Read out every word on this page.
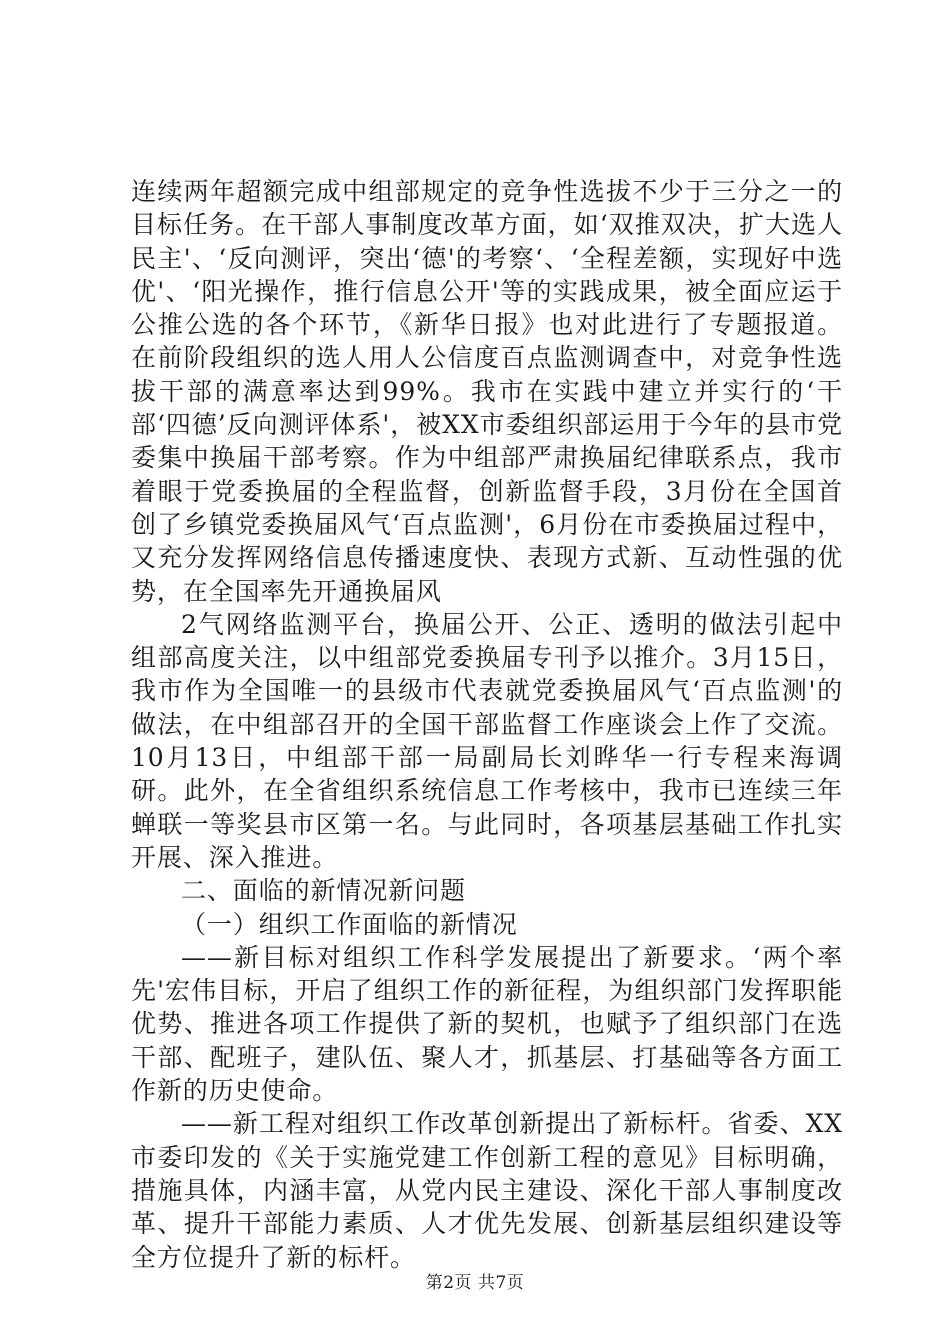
连续两年超额完成中组部规定的竞争性选拔不少于三分之一的目标任务。在干部人事制度改革方面，如‘双推双决，扩大选人民主'、‘反向测评，突出‘德'的考察‘、‘全程差额，实现好中选优'、‘阳光操作，推行信息公开'等的实践成果，被全面应运于公推公选的各个环节，《新华日报》也对此进行了专题报道。在前阶段组织的选人用人公信度百点监测调查中，对竞争性选拔干部的满意率达到99%。我市在实践中建立并实行的‘干部‘四德’反向测评体系'，被XX市委组织部运用于今年的县市党委集中换届干部考察。作为中组部严肃换届纪律联系点，我市着眼于党委换届的全程监督，创新监督手段，3月份在全国首创了乡镇党委换届风气‘百点监测'，6月份在市委换届过程中，又充分发挥网络信息传播速度快、表现方式新、互动性强的优势，在全国率先开通换届风

2气网络监测平台，换届公开、公正、透明的做法引起中组部高度关注，以中组部党委换届专刊予以推介。3月15日，我市作为全国唯一的县级市代表就党委换届风气‘百点监测'的做法，在中组部召开的全国干部监督工作座谈会上作了交流。10月13日，中组部干部一局副局长刘晔华一行专程来海调研。此外，在全省组织系统信息工作考核中，我市已连续三年蝉联一等奖县市区第一名。与此同时，各项基层基础工作扎实开展、深入推进。

二、面临的新情况新问题

（一）组织工作面临的新情况

——新目标对组织工作科学发展提出了新要求。‘两个率先'宏伟目标，开启了组织工作的新征程，为组织部门发挥职能优势、推进各项工作提供了新的契机，也赋予了组织部门在选干部、配班子，建队伍、聚人才，抓基层、打基础等各方面工作新的历史使命。

——新工程对组织工作改革创新提出了新标杆。省委、XX市委印发的《关于实施党建工作创新工程的意见》目标明确，措施具体，内涵丰富，从党内民主建设、深化干部人事制度改革、提升干部能力素质、人才优先发展、创新基层组织建设等全方位提升了新的标杆。

第2页 共7页
